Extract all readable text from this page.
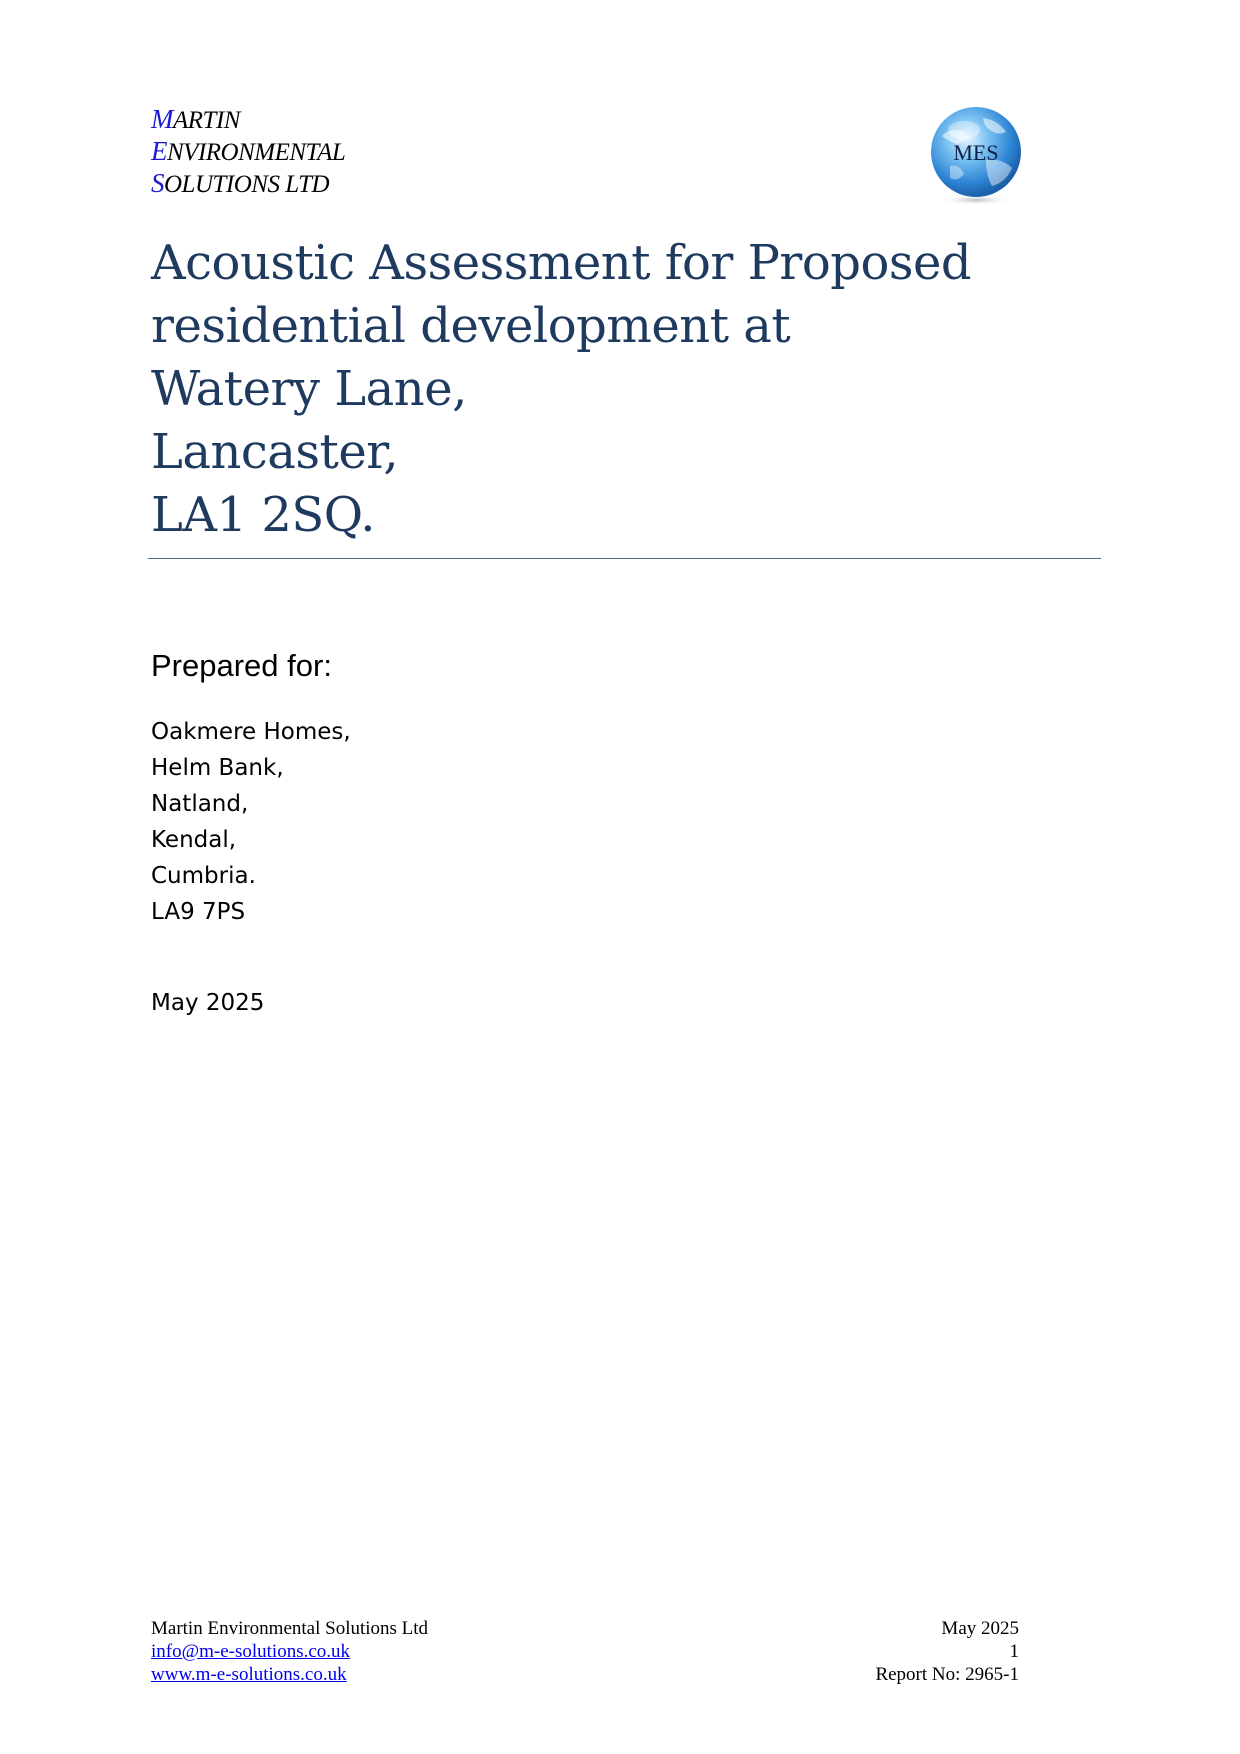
MARTIN
ENVIRONMENTAL
SOLUTIONS LTD
MES
Acoustic Assessment for Proposed
residential development at
Watery Lane,
Lancaster,
LA1 2SQ.
Prepared for:
Oakmere Homes,
Helm Bank,
Natland,
Kendal,
Cumbria.
LA9 7PS
May 2025
Martin Environmental Solutions Ltd
info@m-e-solutions.co.uk
www.m-e-solutions.co.uk
May 2025
1
Report No: 2965-1
